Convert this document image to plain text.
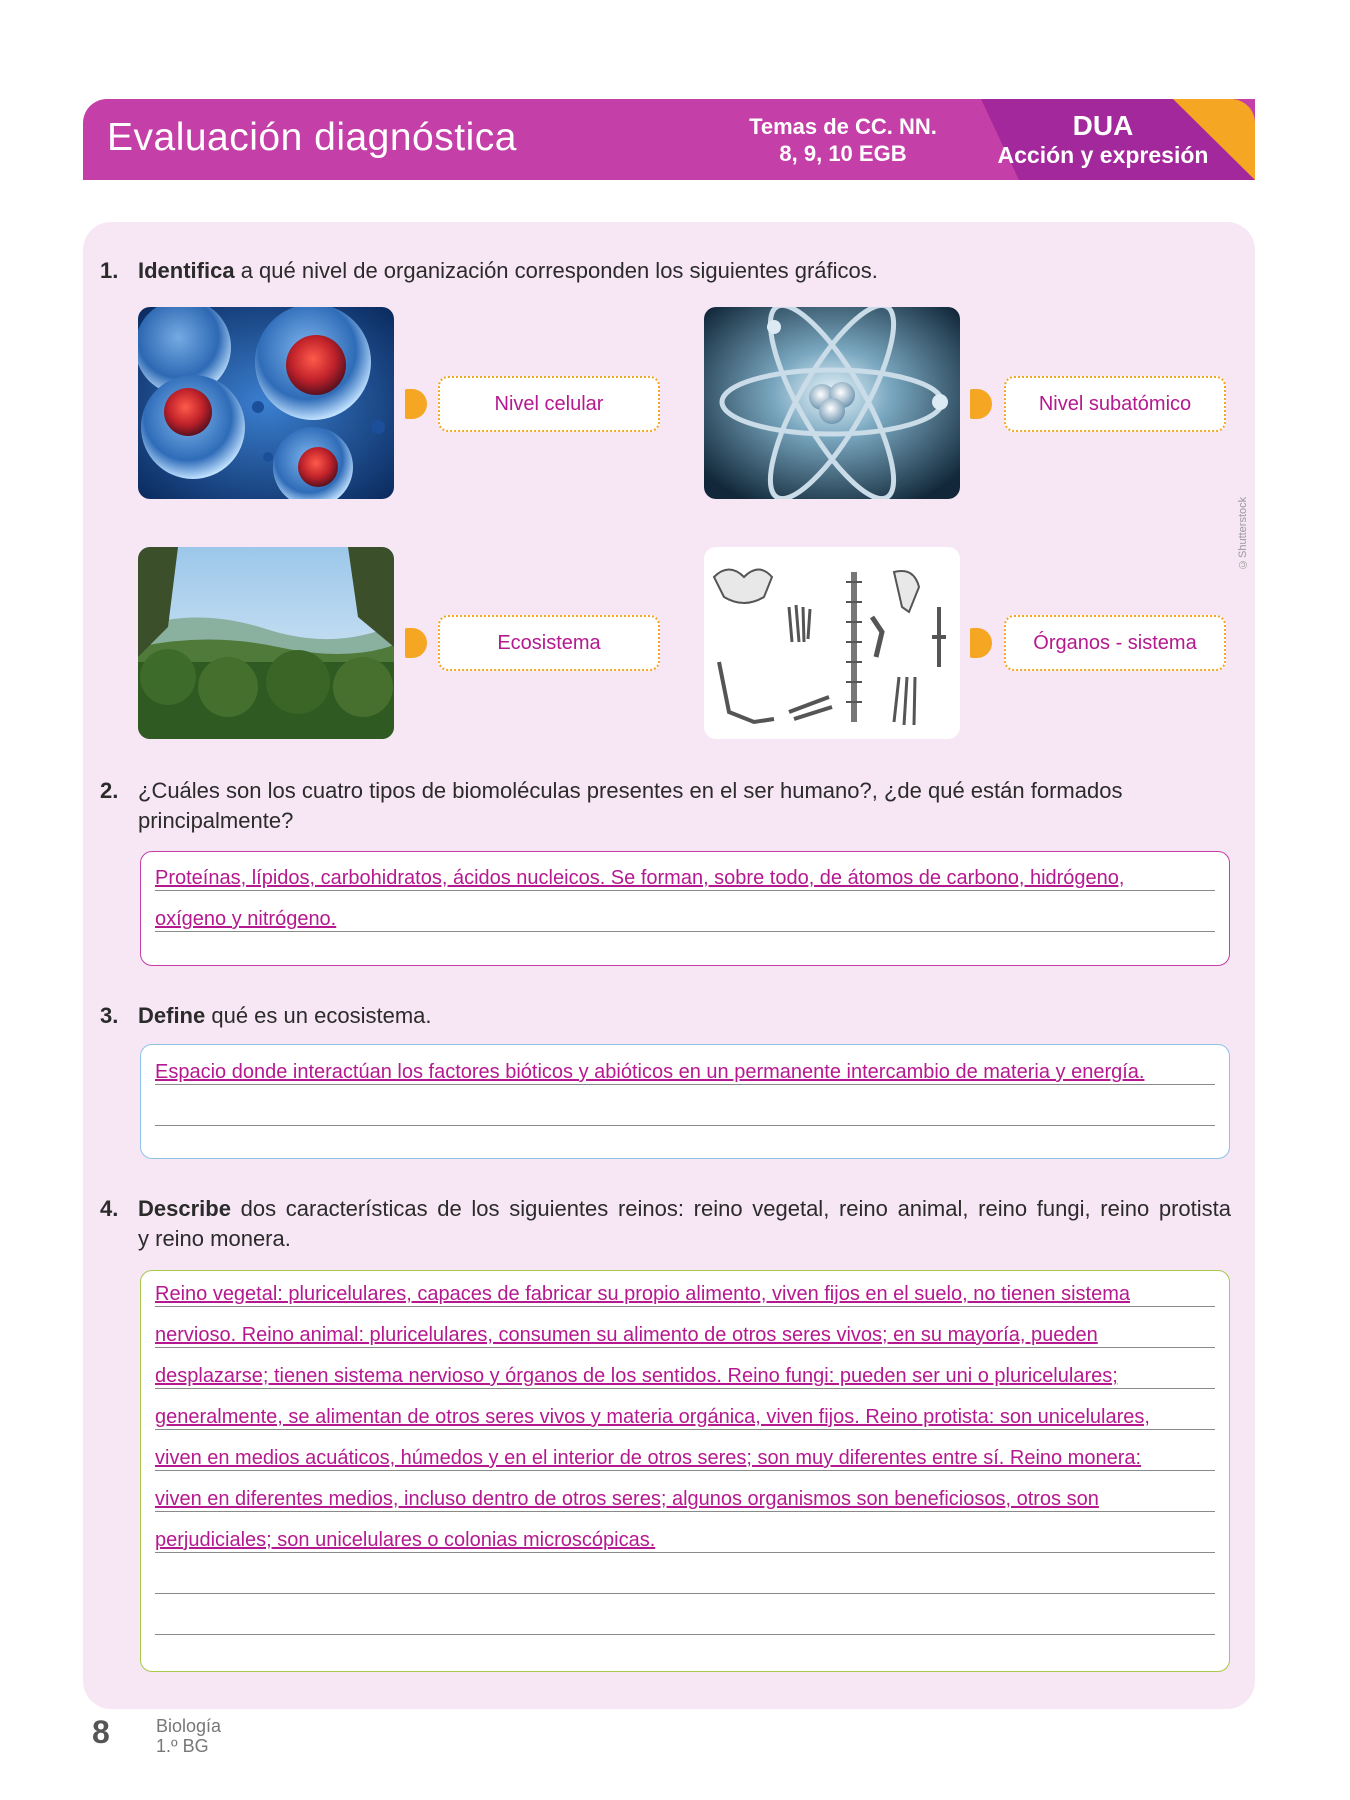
Evaluación diagnóstica	Temas de CC. NN.
8, 9, 10 EGB
DUA
Acción y expresión
1. Identifica a qué nivel de organización corresponden los siguientes gráficos.
Nivel celular	Nivel subatómico
Ecosistema	Órganos - sistema
©Shutterstock
2. ¿Cuáles son los cuatro tipos de biomoléculas presentes en el ser humano?, ¿de qué están formados
principalmente?
Proteínas, lípidos, carbohidratos, ácidos nucleicos. Se forman, sobre todo, de átomos de carbono, hidrógeno,
oxígeno y nitrógeno.
3. Define qué es un ecosistema.
Espacio donde interactúan los factores bióticos y abióticos en un permanente intercambio de materia y energía.
4. Describe dos características de los siguientes reinos: reino vegetal, reino animal, reino fungi, reino protista
y reino monera.
Reino vegetal: pluricelulares, capaces de fabricar su propio alimento, viven fijos en el suelo, no tienen sistema
nervioso. Reino animal: pluricelulares, consumen su alimento de otros seres vivos; en su mayoría, pueden
desplazarse; tienen sistema nervioso y órganos de los sentidos. Reino fungi: pueden ser uni o pluricelulares;
generalmente, se alimentan de otros seres vivos y materia orgánica, viven fijos. Reino protista: son unicelulares,
viven en medios acuáticos, húmedos y en el interior de otros seres; son muy diferentes entre sí. Reino monera:
viven en diferentes medios, incluso dentro de otros seres; algunos organismos son beneficiosos, otros son
perjudiciales; son unicelulares o colonias microscópicas.
8	Biología
1.º BG
